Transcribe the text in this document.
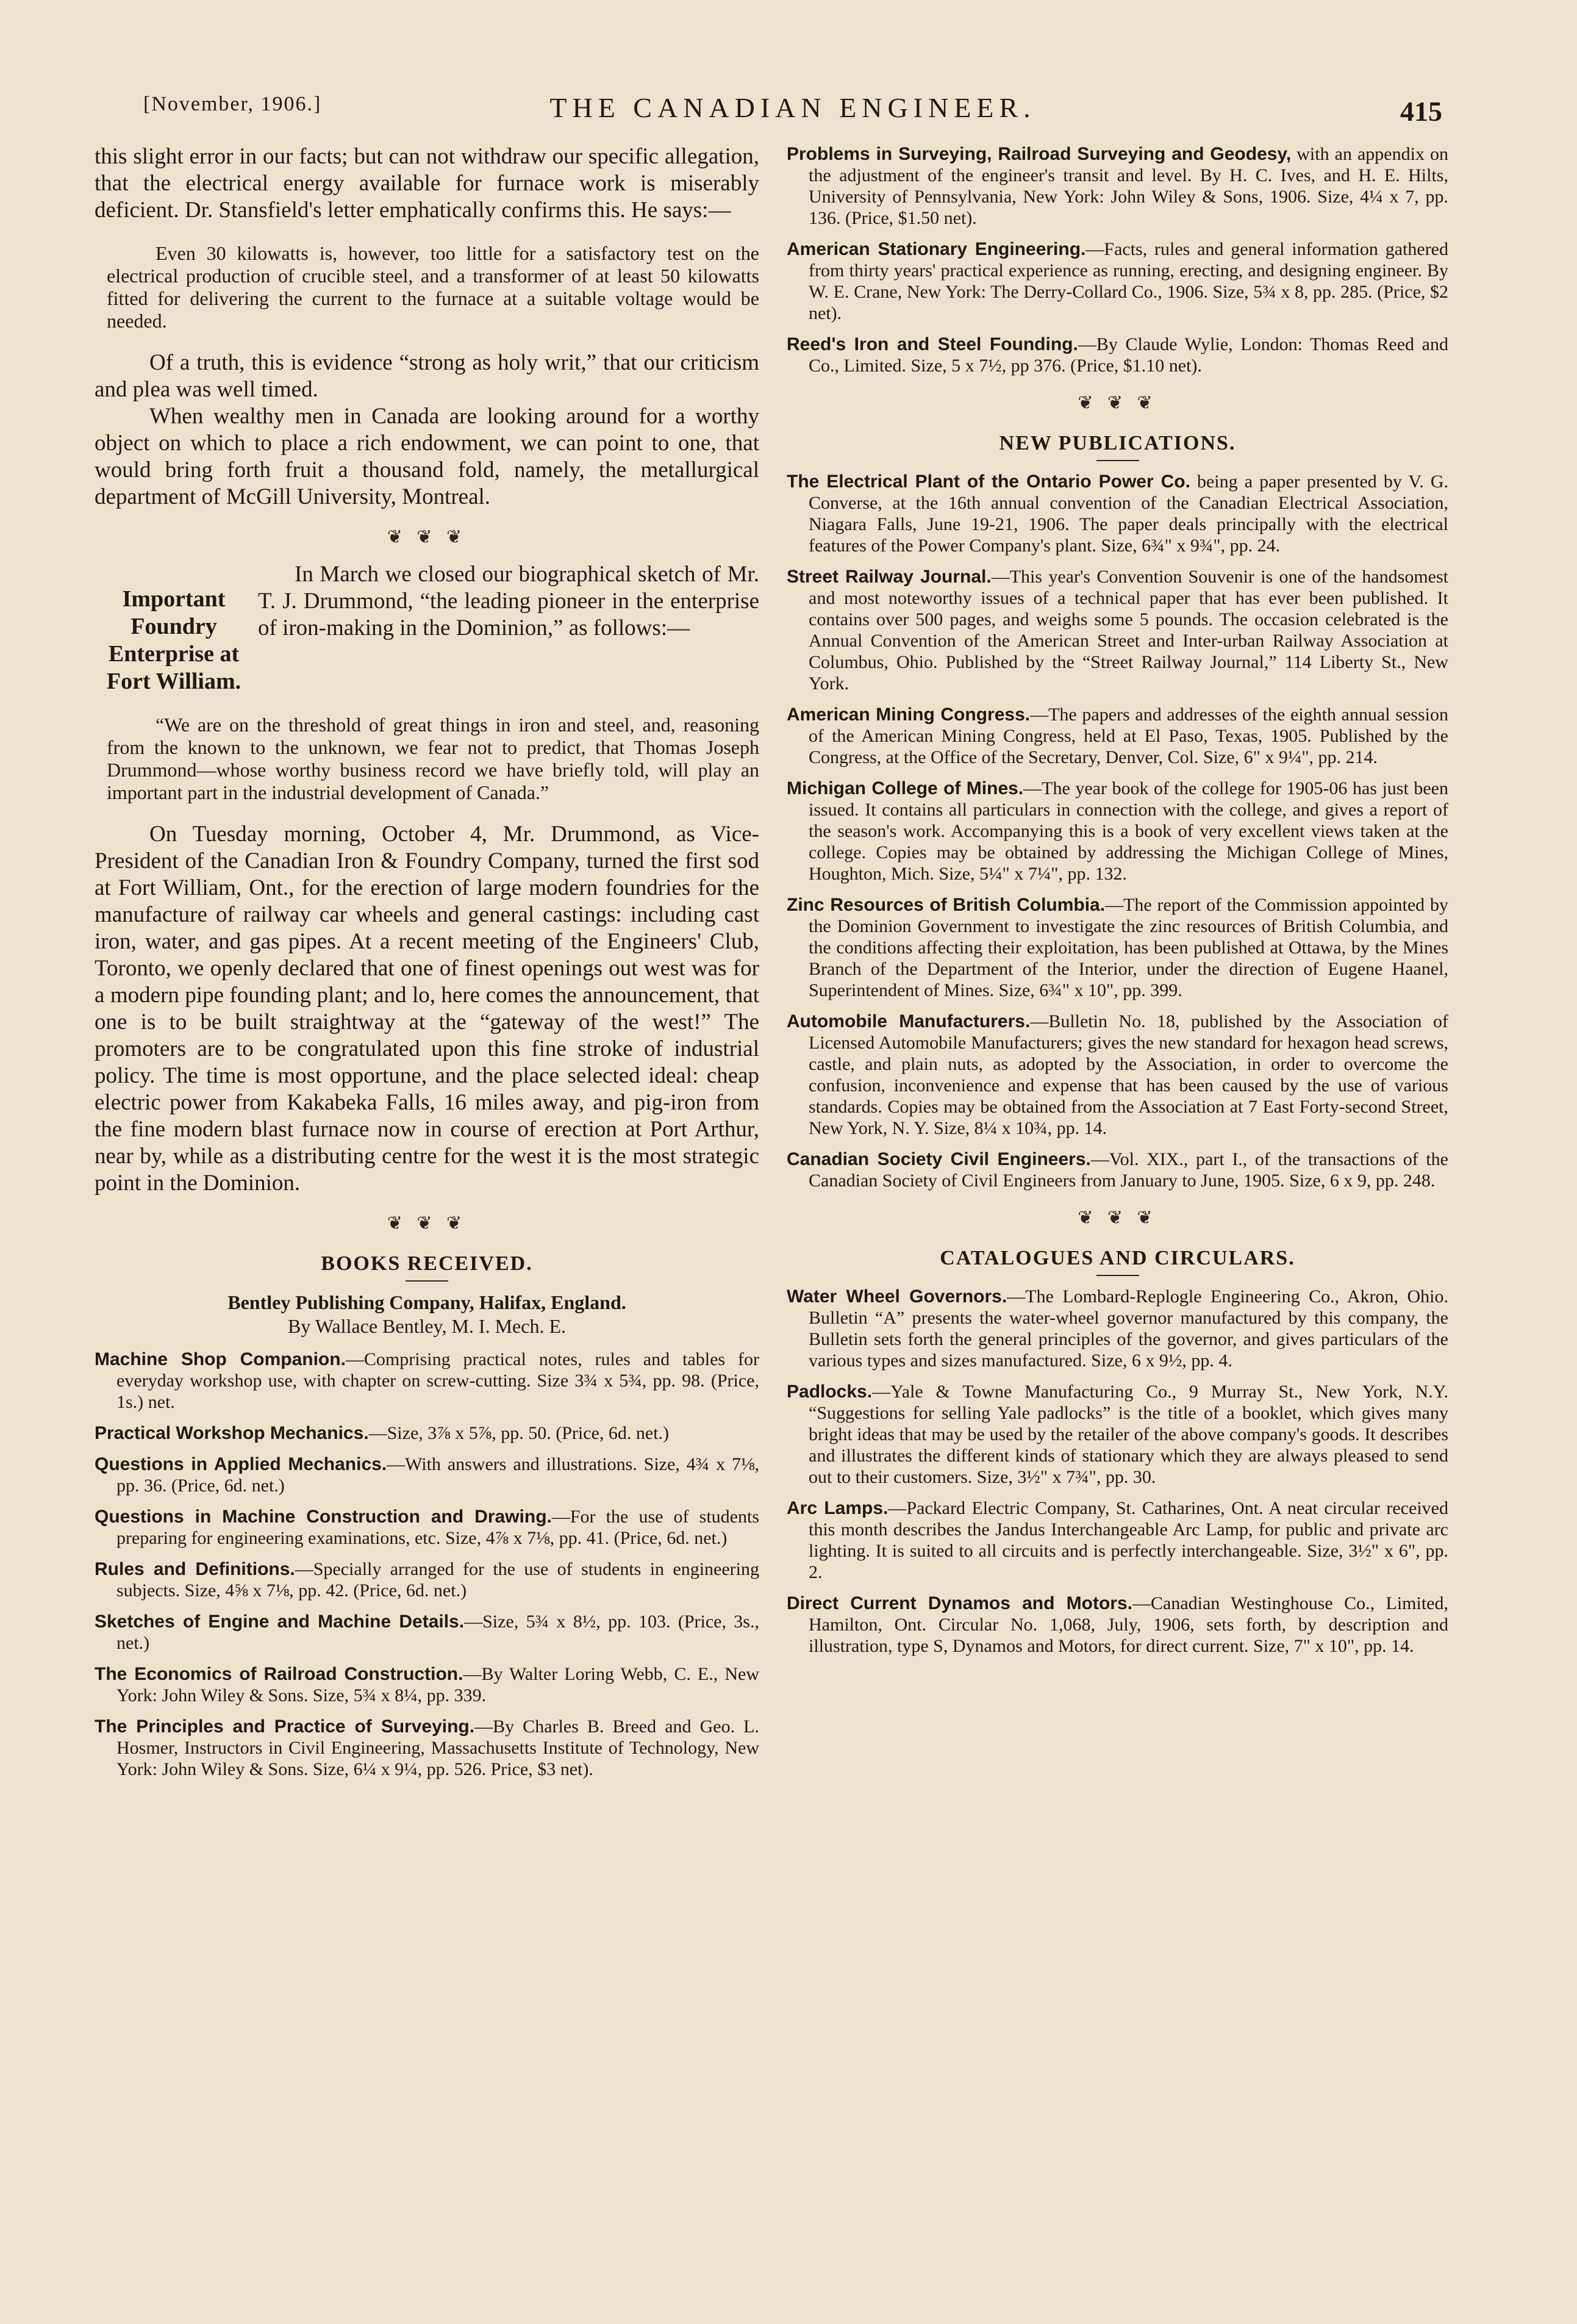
[November, 1906.]	THE CANADIAN ENGINEER.	415

this slight error in our facts; but can not withdraw our specific allegation, that the electrical energy available for furnace work is miserably deficient. Dr. Stansfield's letter emphatically confirms this. He says:—

Even 30 kilowatts is, however, too little for a satisfactory test on the electrical production of crucible steel, and a transformer of at least 50 kilowatts fitted for delivering the current to the furnace at a suitable voltage would be needed.

Of a truth, this is evidence “strong as holy writ,” that our criticism and plea was well timed.

When wealthy men in Canada are looking around for a worthy object on which to place a rich endowment, we can point to one, that would bring forth fruit a thousand fold, namely, the metallurgical department of McGill University, Montreal.

❦ ❦ ❦
Important Foundry Enterprise at Fort William.

In March we closed our biographical sketch of Mr. T. J. Drummond, “the leading pioneer in the enterprise of iron-making in the Dominion,” as follows:—

“We are on the threshold of great things in iron and steel, and, reasoning from the known to the unknown, we fear not to predict, that Thomas Joseph Drummond—whose worthy business record we have briefly told, will play an important part in the industrial development of Canada.”

On Tuesday morning, October 4, Mr. Drummond, as Vice-President of the Canadian Iron & Foundry Company, turned the first sod at Fort William, Ont., for the erection of large modern foundries for the manufacture of railway car wheels and general castings: including cast iron, water, and gas pipes. At a recent meeting of the Engineers' Club, Toronto, we openly declared that one of finest openings out west was for a modern pipe founding plant; and lo, here comes the announcement, that one is to be built straightway at the “gateway of the west!” The promoters are to be congratulated upon this fine stroke of industrial policy. The time is most opportune, and the place selected ideal: cheap electric power from Kakabeka Falls, 16 miles away, and pig-iron from the fine modern blast furnace now in course of erection at Port Arthur, near by, while as a distributing centre for the west it is the most strategic point in the Dominion.

❦ ❦ ❦
BOOKS RECEIVED.
Bentley Publishing Company, Halifax, England.
By Wallace Bentley, M. I. Mech. E.

Machine Shop Companion.—Comprising practical notes, rules and tables for everyday workshop use, with chapter on screw-cutting. Size 3¾ x 5¾, pp. 98. (Price, 1s.) net.

Practical Workshop Mechanics.—Size, 3⅞ x 5⅞, pp. 50. (Price, 6d. net.)

Questions in Applied Mechanics.—With answers and illustrations. Size, 4¾ x 7⅛, pp. 36. (Price, 6d. net.)

Questions in Machine Construction and Drawing.—For the use of students preparing for engineering examinations, etc. Size, 4⅞ x 7⅛, pp. 41. (Price, 6d. net.)

Rules and Definitions.—Specially arranged for the use of students in engineering subjects. Size, 4⅝ x 7⅛, pp. 42. (Price, 6d. net.)

Sketches of Engine and Machine Details.—Size, 5¾ x 8½, pp. 103. (Price, 3s., net.)

The Economics of Railroad Construction.—By Walter Loring Webb, C. E., New York: John Wiley & Sons. Size, 5¾ x 8¼, pp. 339.

The Principles and Practice of Surveying.—By Charles B. Breed and Geo. L. Hosmer, Instructors in Civil Engineering, Massachusetts Institute of Technology, New York: John Wiley & Sons. Size, 6¼ x 9¼, pp. 526. Price, $3 net).

Problems in Surveying, Railroad Surveying and Geodesy, with an appendix on the adjustment of the engineer's transit and level. By H. C. Ives, and H. E. Hilts, University of Pennsylvania, New York: John Wiley & Sons, 1906. Size, 4¼ x 7, pp. 136. (Price, $1.50 net).

American Stationary Engineering.—Facts, rules and general information gathered from thirty years' practical experience as running, erecting, and designing engineer. By W. E. Crane, New York: The Derry-Collard Co., 1906. Size, 5¾ x 8, pp. 285. (Price, $2 net).

Reed's Iron and Steel Founding.—By Claude Wylie, London: Thomas Reed and Co., Limited. Size, 5 x 7½, pp 376. (Price, $1.10 net).

❦ ❦ ❦
NEW PUBLICATIONS.

The Electrical Plant of the Ontario Power Co. being a paper presented by V. G. Converse, at the 16th annual convention of the Canadian Electrical Association, Niagara Falls, June 19-21, 1906. The paper deals principally with the electrical features of the Power Company's plant. Size, 6¾" x 9¾", pp. 24.

Street Railway Journal.—This year's Convention Souvenir is one of the handsomest and most noteworthy issues of a technical paper that has ever been published. It contains over 500 pages, and weighs some 5 pounds. The occasion celebrated is the Annual Convention of the American Street and Inter-urban Railway Association at Columbus, Ohio. Published by the “Street Railway Journal,” 114 Liberty St., New York.

American Mining Congress.—The papers and addresses of the eighth annual session of the American Mining Congress, held at El Paso, Texas, 1905. Published by the Congress, at the Office of the Secretary, Denver, Col. Size, 6" x 9¼", pp. 214.

Michigan College of Mines.—The year book of the college for 1905-06 has just been issued. It contains all particulars in connection with the college, and gives a report of the season's work. Accompanying this is a book of very excellent views taken at the college. Copies may be obtained by addressing the Michigan College of Mines, Houghton, Mich. Size, 5¼" x 7¼", pp. 132.

Zinc Resources of British Columbia.—The report of the Commission appointed by the Dominion Government to investigate the zinc resources of British Columbia, and the conditions affecting their exploitation, has been published at Ottawa, by the Mines Branch of the Department of the Interior, under the direction of Eugene Haanel, Superintendent of Mines. Size, 6¾" x 10", pp. 399.

Automobile Manufacturers.—Bulletin No. 18, published by the Association of Licensed Automobile Manufacturers; gives the new standard for hexagon head screws, castle, and plain nuts, as adopted by the Association, in order to overcome the confusion, inconvenience and expense that has been caused by the use of various standards. Copies may be obtained from the Association at 7 East Forty-second Street, New York, N. Y. Size, 8¼ x 10¾, pp. 14.

Canadian Society Civil Engineers.—Vol. XIX., part I., of the transactions of the Canadian Society of Civil Engineers from January to June, 1905. Size, 6 x 9, pp. 248.

❦ ❦ ❦
CATALOGUES AND CIRCULARS.

Water Wheel Governors.—The Lombard-Replogle Engineering Co., Akron, Ohio. Bulletin “A” presents the water-wheel governor manufactured by this company, the Bulletin sets forth the general principles of the governor, and gives particulars of the various types and sizes manufactured. Size, 6 x 9½, pp. 4.

Padlocks.—Yale & Towne Manufacturing Co., 9 Murray St., New York, N.Y. “Suggestions for selling Yale padlocks” is the title of a booklet, which gives many bright ideas that may be used by the retailer of the above company's goods. It describes and illustrates the different kinds of stationary which they are always pleased to send out to their customers. Size, 3½" x 7¾", pp. 30.

Arc Lamps.—Packard Electric Company, St. Catharines, Ont. A neat circular received this month describes the Jandus Interchangeable Arc Lamp, for public and private arc lighting. It is suited to all circuits and is perfectly interchangeable. Size, 3½" x 6", pp. 2.

Direct Current Dynamos and Motors.—Canadian Westinghouse Co., Limited, Hamilton, Ont. Circular No. 1,068, July, 1906, sets forth, by description and illustration, type S, Dynamos and Motors, for direct current. Size, 7" x 10", pp. 14.
